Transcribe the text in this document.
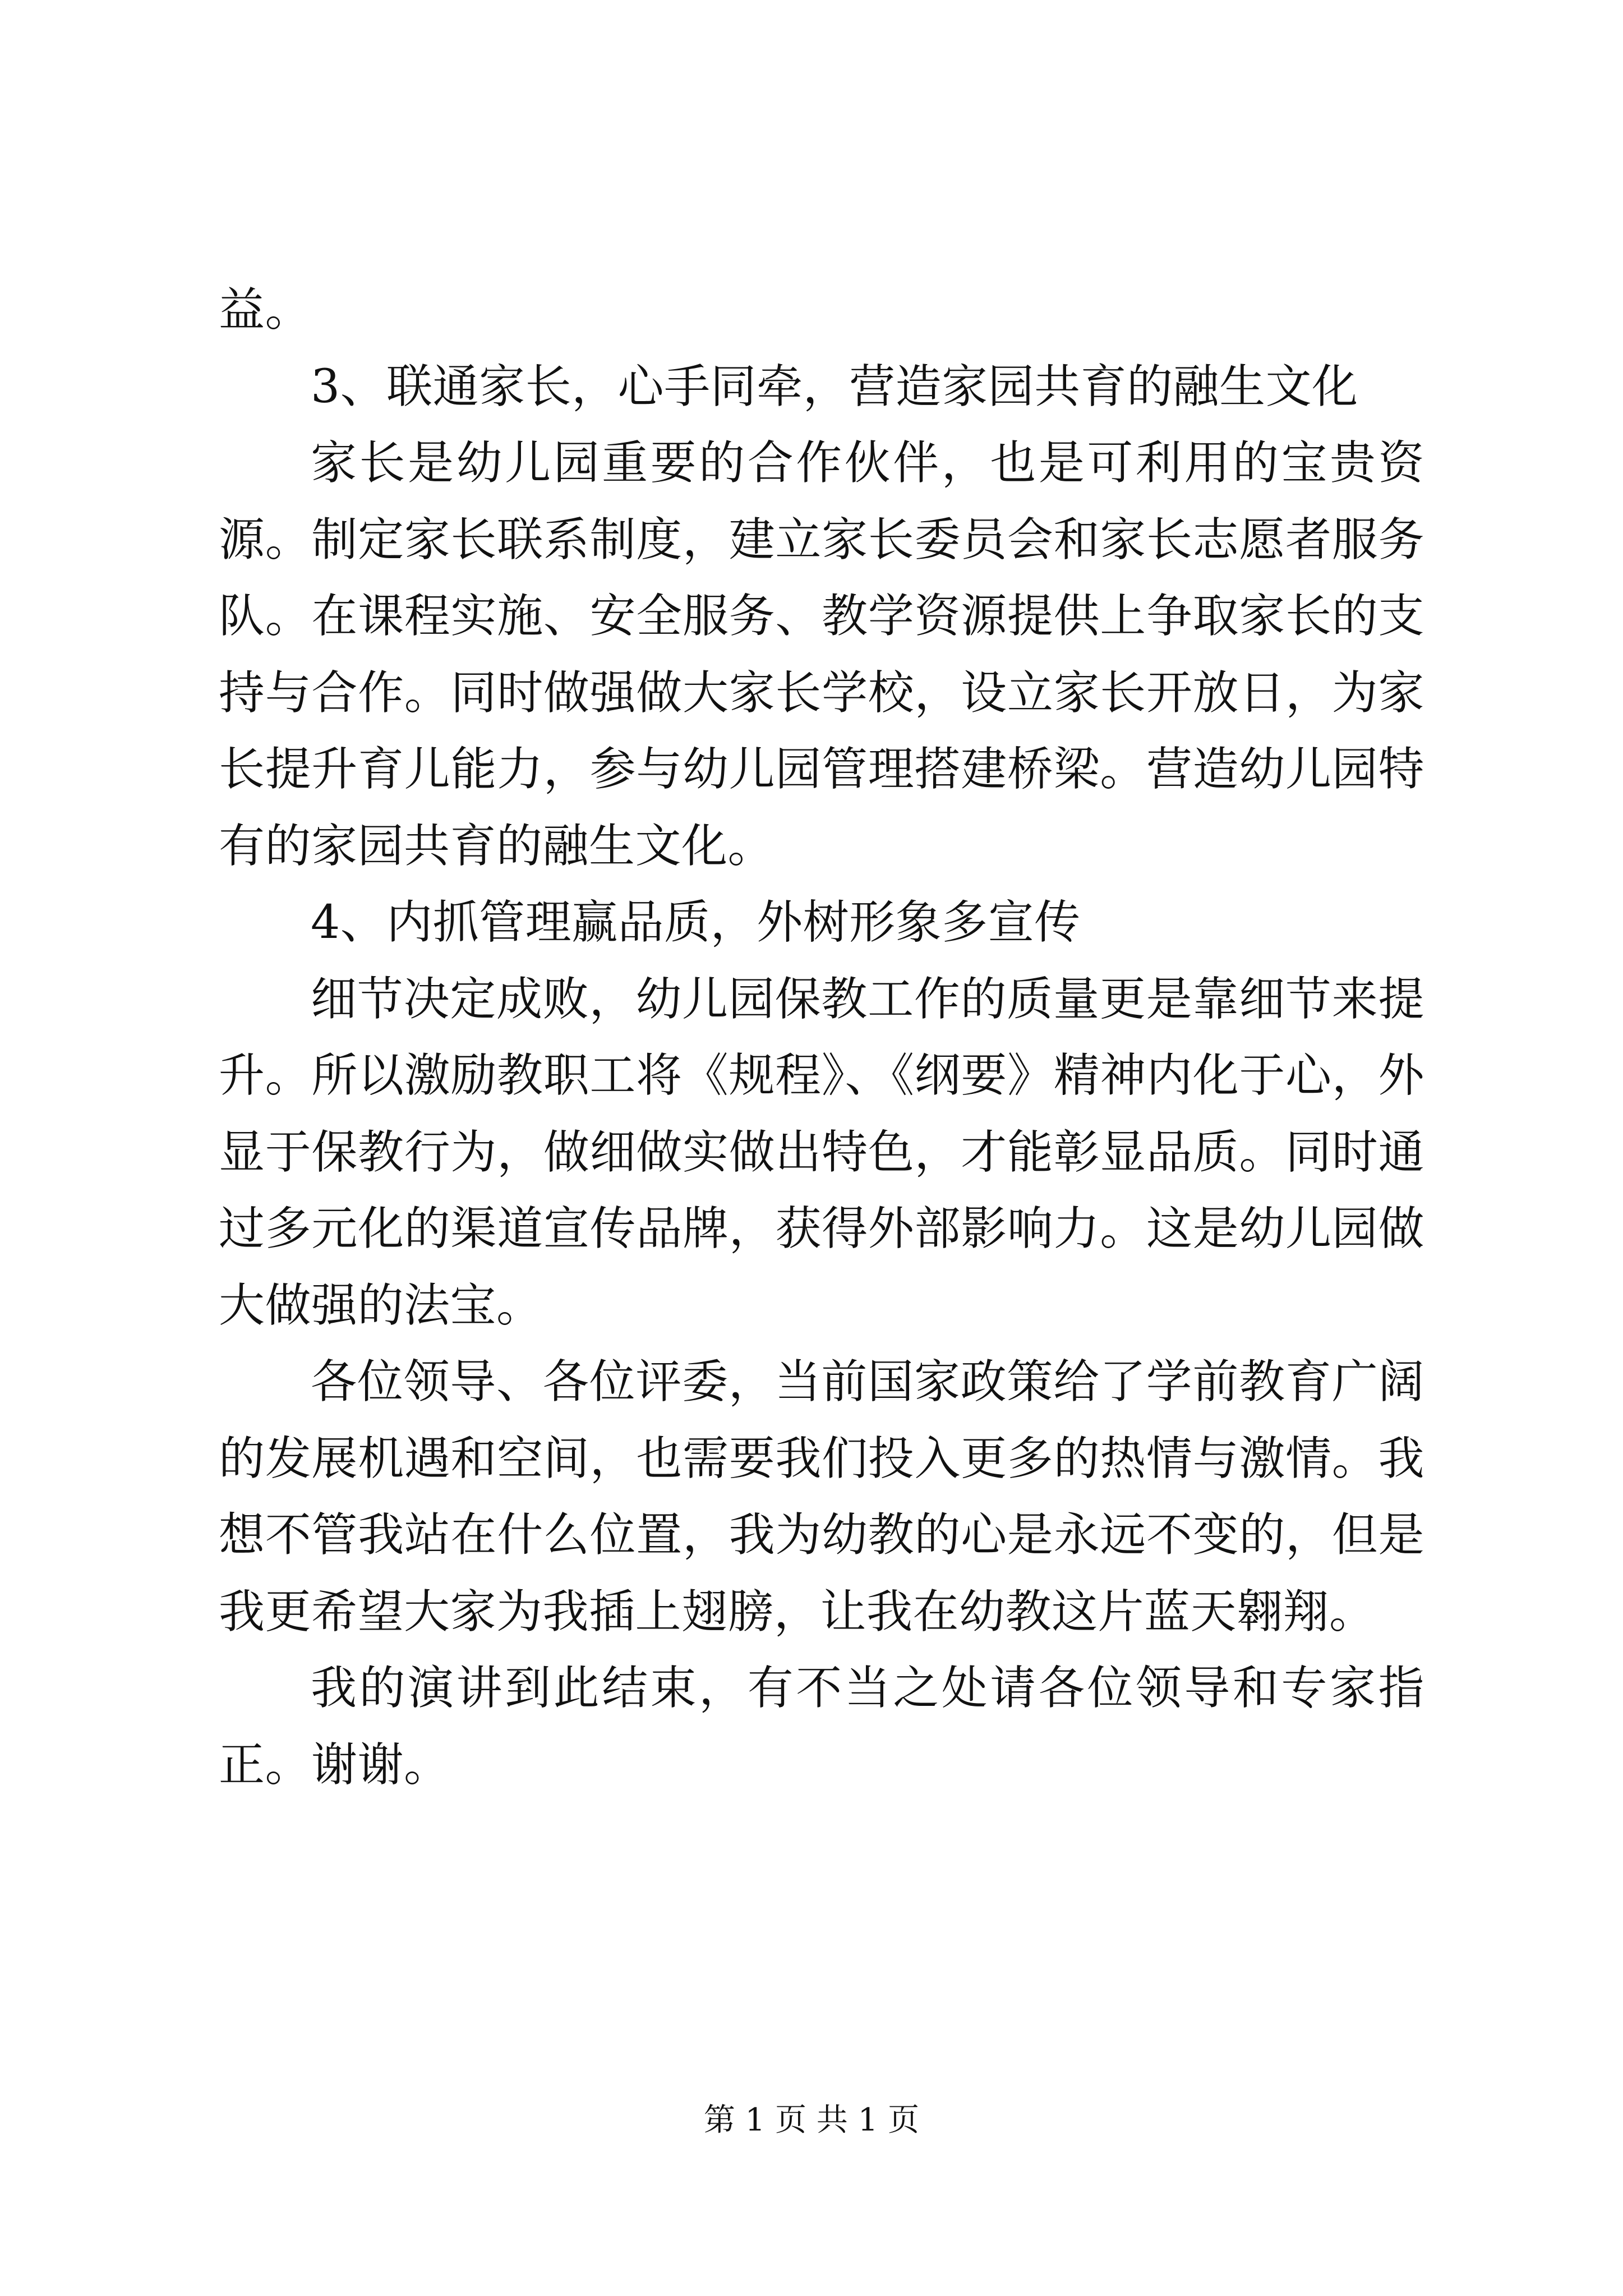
益。

3、联通家长，心手同牵，营造家园共育的融生文化

家长是幼儿园重要的合作伙伴，也是可利用的宝贵资源。制定家长联系制度，建立家长委员会和家长志愿者服务队。在课程实施、安全服务、教学资源提供上争取家长的支持与合作。同时做强做大家长学校，设立家长开放日，为家长提升育儿能力，参与幼儿园管理搭建桥梁。营造幼儿园特有的家园共育的融生文化。

4、内抓管理赢品质，外树形象多宣传

细节决定成败，幼儿园保教工作的质量更是靠细节来提升。所以激励教职工将《规程》、《纲要》精神内化于心，外显于保教行为，做细做实做出特色，才能彰显品质。同时通过多元化的渠道宣传品牌，获得外部影响力。这是幼儿园做大做强的法宝。

各位领导、各位评委，当前国家政策给了学前教育广阔的发展机遇和空间，也需要我们投入更多的热情与激情。我想不管我站在什么位置，我为幼教的心是永远不变的，但是我更希望大家为我插上翅膀，让我在幼教这片蓝天翱翔。

我的演讲到此结束，有不当之处请各位领导和专家指正。谢谢。

第 1 页 共 1 页
